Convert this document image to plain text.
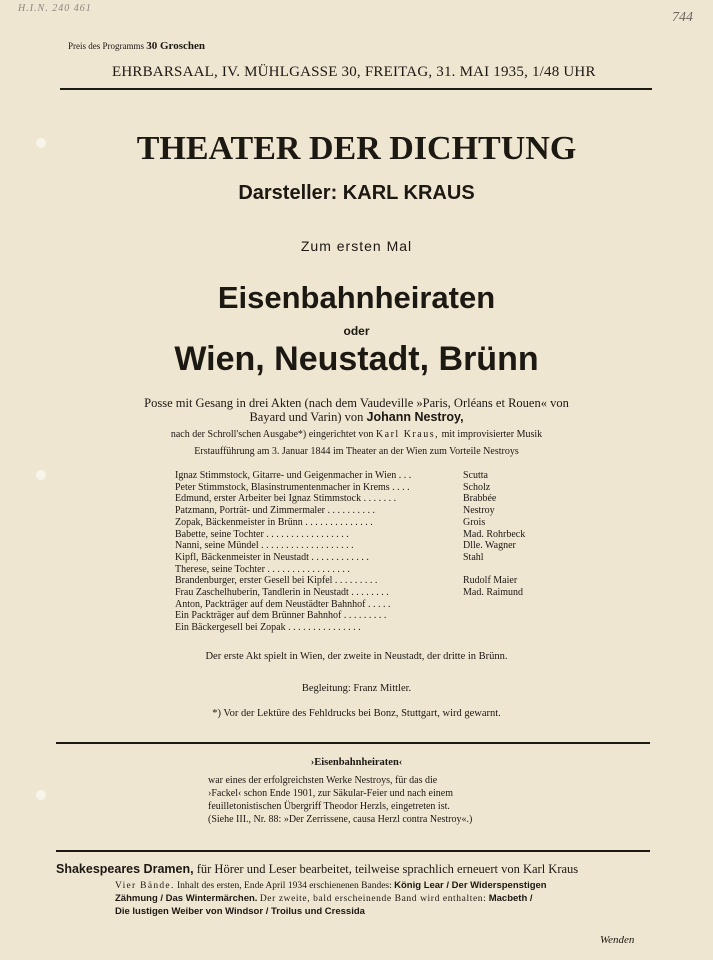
H.I.N. 240 461
744
Preis des Programms 30 Groschen
EHRBARSAAL, IV. MÜHLGASSE 30, FREITAG, 31. MAI 1935, 1/48 UHR
THEATER DER DICHTUNG
Darsteller: KARL KRAUS
Zum ersten Mal
Eisenbahnheiraten
oder
Wien, Neustadt, Brünn
Posse mit Gesang in drei Akten (nach dem Vaudeville »Paris, Orléans et Rouen« von
Bayard und Varin) von Johann Nestroy,
nach der Schroll'schen Ausgabe*) eingerichtet von Karl Kraus, mit improvisierter Musik
Erstaufführung am 3. Januar 1844 im Theater an der Wien zum Vorteile Nestroys
Ignaz Stimmstock, Gitarre- und Geigenmacher in Wien . . .	Scutta
Peter Stimmstock, Blasinstrumentenmacher in Krems . . . .	Scholz
Edmund, erster Arbeiter bei Ignaz Stimmstock . . . . . . .	Brabbée
Patzmann, Porträt- und Zimmermaler . . . . . . . . . .	Nestroy
Zopak, Bäckenmeister in Brünn . . . . . . . . . . . . . .	Grois
Babette, seine Tochter . . . . . . . . . . . . . . . . .	Mad. Rohrbeck
Nanni, seine Mündel . . . . . . . . . . . . . . . . . . .	Dlle. Wagner
Kipfl, Bäckenmeister in Neustadt . . . . . . . . . . . .	Stahl
Therese, seine Tochter . . . . . . . . . . . . . . . . .
Brandenburger, erster Gesell bei Kipfel . . . . . . . . .	Rudolf Maier
Frau Zaschelhuberin, Tandlerin in Neustadt . . . . . . . .	Mad. Raimund
Anton, Packträger auf dem Neustädter Bahnhof . . . . .
Ein Packträger auf dem Brünner Bahnhof . . . . . . . . .
Ein Bäckergesell bei Zopak . . . . . . . . . . . . . . .
Der erste Akt spielt in Wien, der zweite in Neustadt, der dritte in Brünn.
Begleitung: Franz Mittler.
*) Vor der Lektüre des Fehldrucks bei Bonz, Stuttgart, wird gewarnt.
›Eisenbahnheiraten‹
war eines der erfolgreichsten Werke Nestroys, für das die
›Fackel‹ schon Ende 1901, zur Säkular-Feier und nach einem
feuilletonistischen Übergriff Theodor Herzls, eingetreten ist.
(Siehe III., Nr. 88: »Der Zerrissene, causa Herzl contra Nestroy«.)
Shakespeares Dramen, für Hörer und Leser bearbeitet, teilweise sprachlich erneuert von Karl Kraus
Vier Bände. Inhalt des ersten, Ende April 1934 erschienenen Bandes: König Lear / Der Widerspenstigen
Zähmung / Das Wintermärchen. Der zweite, bald erscheinende Band wird enthalten: Macbeth /
Die lustigen Weiber von Windsor / Troilus und Cressida
Wenden
